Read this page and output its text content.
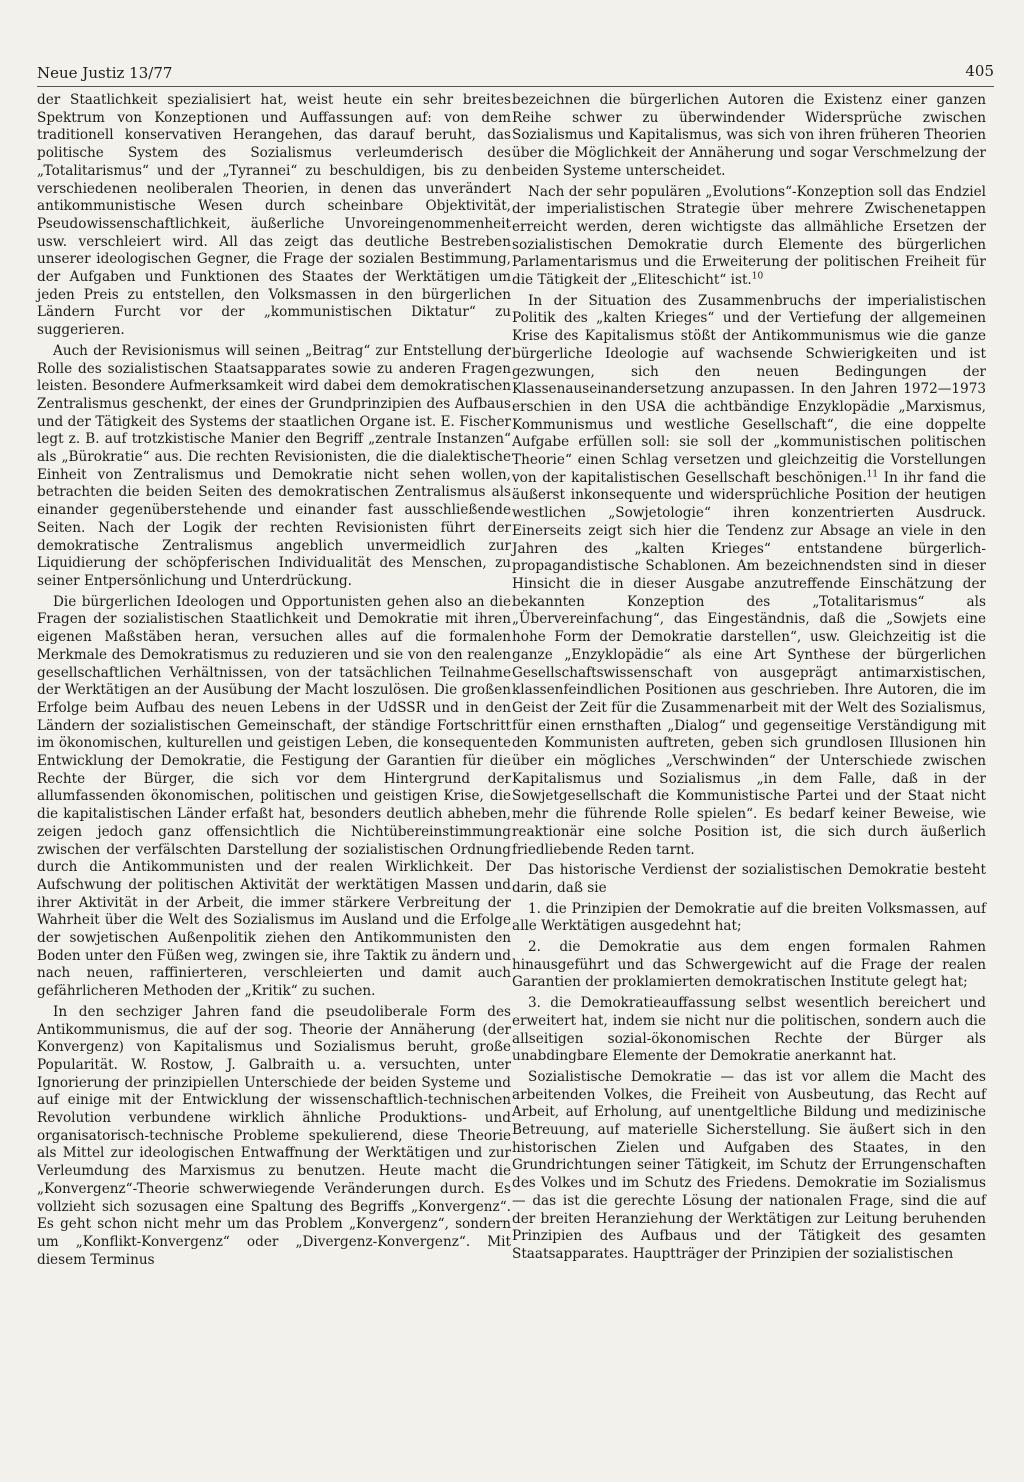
Neue Justiz 13/77	405

der Staatlichkeit spezialisiert hat, weist heute ein sehr breites Spektrum von Konzeptionen und Auffassungen auf: von dem traditionell konservativen Herangehen, das darauf beruht, das politische System des Sozialismus verleumderisch des „Totalitarismus“ und der „Tyrannei“ zu beschuldigen, bis zu den verschiedenen neoliberalen Theorien, in denen das unverändert antikommunistische Wesen durch scheinbare Objektivität, Pseudowissenschaftlichkeit, äußerliche Unvoreingenommenheit usw. verschleiert wird. All das zeigt das deutliche Bestreben unserer ideologischen Gegner, die Frage der sozialen Bestimmung, der Aufgaben und Funktionen des Staates der Werktätigen um jeden Preis zu entstellen, den Volksmassen in den bürgerlichen Ländern Furcht vor der „kommunistischen Diktatur“ zu suggerieren.

Auch der Revisionismus will seinen „Beitrag“ zur Entstellung der Rolle des sozialistischen Staatsapparates sowie zu anderen Fragen leisten. Besondere Aufmerksamkeit wird dabei dem demokratischen Zentralismus geschenkt, der eines der Grundprinzipien des Aufbaus und der Tätigkeit des Systems der staatlichen Organe ist. E. Fischer legt z. B. auf trotzkistische Manier den Begriff „zentrale Instanzen“ als „Bürokratie“ aus. Die rechten Revisionisten, die die dialektische Einheit von Zentralismus und Demokratie nicht sehen wollen, betrachten die beiden Seiten des demokratischen Zentralismus als einander gegenüberstehende und einander fast ausschließende Seiten. Nach der Logik der rechten Revisionisten führt der demokratische Zentralismus angeblich unvermeidlich zur Liquidierung der schöpferischen Individualität des Menschen, zu seiner Entpersönlichung und Unterdrückung.

Die bürgerlichen Ideologen und Opportunisten gehen also an die Fragen der sozialistischen Staatlichkeit und Demokratie mit ihren eigenen Maßstäben heran, versuchen alles auf die formalen Merkmale des Demokratismus zu reduzieren und sie von den realen gesellschaftlichen Verhältnissen, von der tatsächlichen Teilnahme der Werktätigen an der Ausübung der Macht loszulösen. Die großen Erfolge beim Aufbau des neuen Lebens in der UdSSR und in den Ländern der sozialistischen Gemeinschaft, der ständige Fortschritt im ökonomischen, kulturellen und geistigen Leben, die konsequente Entwicklung der Demokratie, die Festigung der Garantien für die Rechte der Bürger, die sich vor dem Hintergrund der allumfassenden ökonomischen, politischen und geistigen Krise, die die kapitalistischen Länder erfaßt hat, besonders deutlich abheben, zeigen jedoch ganz offensichtlich die Nichtübereinstimmung zwischen der verfälschten Darstellung der sozialistischen Ordnung durch die Antikommunisten und der realen Wirklichkeit. Der Aufschwung der politischen Aktivität der werktätigen Massen und ihrer Aktivität in der Arbeit, die immer stärkere Verbreitung der Wahrheit über die Welt des Sozialismus im Ausland und die Erfolge der sowjetischen Außenpolitik ziehen den Antikommunisten den Boden unter den Füßen weg, zwingen sie, ihre Taktik zu ändern und nach neuen, raffinierteren, verschleierten und damit auch gefährlicheren Methoden der „Kritik“ zu suchen.

In den sechziger Jahren fand die pseudoliberale Form des Antikommunismus, die auf der sog. Theorie der Annäherung (der Konvergenz) von Kapitalismus und Sozialismus beruht, große Popularität. W. Rostow, J. Galbraith u. a. versuchten, unter Ignorierung der prinzipiellen Unterschiede der beiden Systeme und auf einige mit der Entwicklung der wissenschaftlich-technischen Revolution verbundene wirklich ähnliche Produktions- und organisatorisch-technische Probleme spekulierend, diese Theorie als Mittel zur ideologischen Entwaffnung der Werktätigen und zur Verleumdung des Marxismus zu benutzen. Heute macht die „Konvergenz“-Theorie schwerwiegende Veränderungen durch. Es vollzieht sich sozusagen eine Spaltung des Begriffs „Konvergenz“. Es geht schon nicht mehr um das Problem „Konvergenz“, sondern um „Konflikt-Konvergenz“ oder „Divergenz-Konvergenz“. Mit diesem Terminus

bezeichnen die bürgerlichen Autoren die Existenz einer ganzen Reihe schwer zu überwindender Widersprüche zwischen Sozialismus und Kapitalismus, was sich von ihren früheren Theorien über die Möglichkeit der Annäherung und sogar Verschmelzung der beiden Systeme unterscheidet.

Nach der sehr populären „Evolutions“-Konzeption soll das Endziel der imperialistischen Strategie über mehrere Zwischenetappen erreicht werden, deren wichtigste das allmähliche Ersetzen der sozialistischen Demokratie durch Elemente des bürgerlichen Parlamentarismus und die Erweiterung der politischen Freiheit für die Tätigkeit der „Eliteschicht“ ist.$^{10}$

In der Situation des Zusammenbruchs der imperialistischen Politik des „kalten Krieges“ und der Vertiefung der allgemeinen Krise des Kapitalismus stößt der Antikommunismus wie die ganze bürgerliche Ideologie auf wachsende Schwierigkeiten und ist gezwungen, sich den neuen Bedingungen der Klassenauseinandersetzung anzupassen. In den Jahren 1972—1973 erschien in den USA die achtbändige Enzyklopädie „Marxismus, Kommunismus und westliche Gesellschaft“, die eine doppelte Aufgabe erfüllen soll: sie soll der „kommunistischen politischen Theorie“ einen Schlag versetzen und gleichzeitig die Vorstellungen von der kapitalistischen Gesellschaft beschönigen.$^{11}$ In ihr fand die äußerst inkonsequente und widersprüchliche Position der heutigen westlichen „Sowjetologie“ ihren konzentrierten Ausdruck. Einerseits zeigt sich hier die Tendenz zur Absage an viele in den Jahren des „kalten Krieges“ entstandene bürgerlich-propagandistische Schablonen. Am bezeichnendsten sind in dieser Hinsicht die in dieser Ausgabe anzutreffende Einschätzung der bekannten Konzeption des „Totalitarismus“ als „Übervereinfachung“, das Eingeständnis, daß die „Sowjets eine hohe Form der Demokratie darstellen“, usw. Gleichzeitig ist die ganze „Enzyklopädie“ als eine Art Synthese der bürgerlichen Gesellschaftswissenschaft von ausgeprägt antimarxistischen, klassenfeindlichen Positionen aus geschrieben. Ihre Autoren, die im Geist der Zeit für die Zusammenarbeit mit der Welt des Sozialismus, für einen ernsthaften „Dialog“ und gegenseitige Verständigung mit den Kommunisten auftreten, geben sich grundlosen Illusionen hin über ein mögliches „Verschwinden“ der Unterschiede zwischen Kapitalismus und Sozialismus „in dem Falle, daß in der Sowjetgesellschaft die Kommunistische Partei und der Staat nicht mehr die führende Rolle spielen“. Es bedarf keiner Beweise, wie reaktionär eine solche Position ist, die sich durch äußerlich friedliebende Reden tarnt.

Das historische Verdienst der sozialistischen Demokratie besteht darin, daß sie

1. die Prinzipien der Demokratie auf die breiten Volksmassen, auf alle Werktätigen ausgedehnt hat;

2. die Demokratie aus dem engen formalen Rahmen hinausgeführt und das Schwergewicht auf die Frage der realen Garantien der proklamierten demokratischen Institute gelegt hat;

3. die Demokratieauffassung selbst wesentlich bereichert und erweitert hat, indem sie nicht nur die politischen, sondern auch die allseitigen sozial-ökonomischen Rechte der Bürger als unabdingbare Elemente der Demokratie anerkannt hat.

Sozialistische Demokratie — das ist vor allem die Macht des arbeitenden Volkes, die Freiheit von Ausbeutung, das Recht auf Arbeit, auf Erholung, auf unentgeltliche Bildung und medizinische Betreuung, auf materielle Sicherstellung. Sie äußert sich in den historischen Zielen und Aufgaben des Staates, in den Grundrichtungen seiner Tätigkeit, im Schutz der Errungenschaften des Volkes und im Schutz des Friedens. Demokratie im Sozialismus — das ist die gerechte Lösung der nationalen Frage, sind die auf der breiten Heranziehung der Werktätigen zur Leitung beruhenden Prinzipien des Aufbaus und der Tätigkeit des gesamten Staatsapparates. Hauptträger der Prinzipien der sozialistischen
